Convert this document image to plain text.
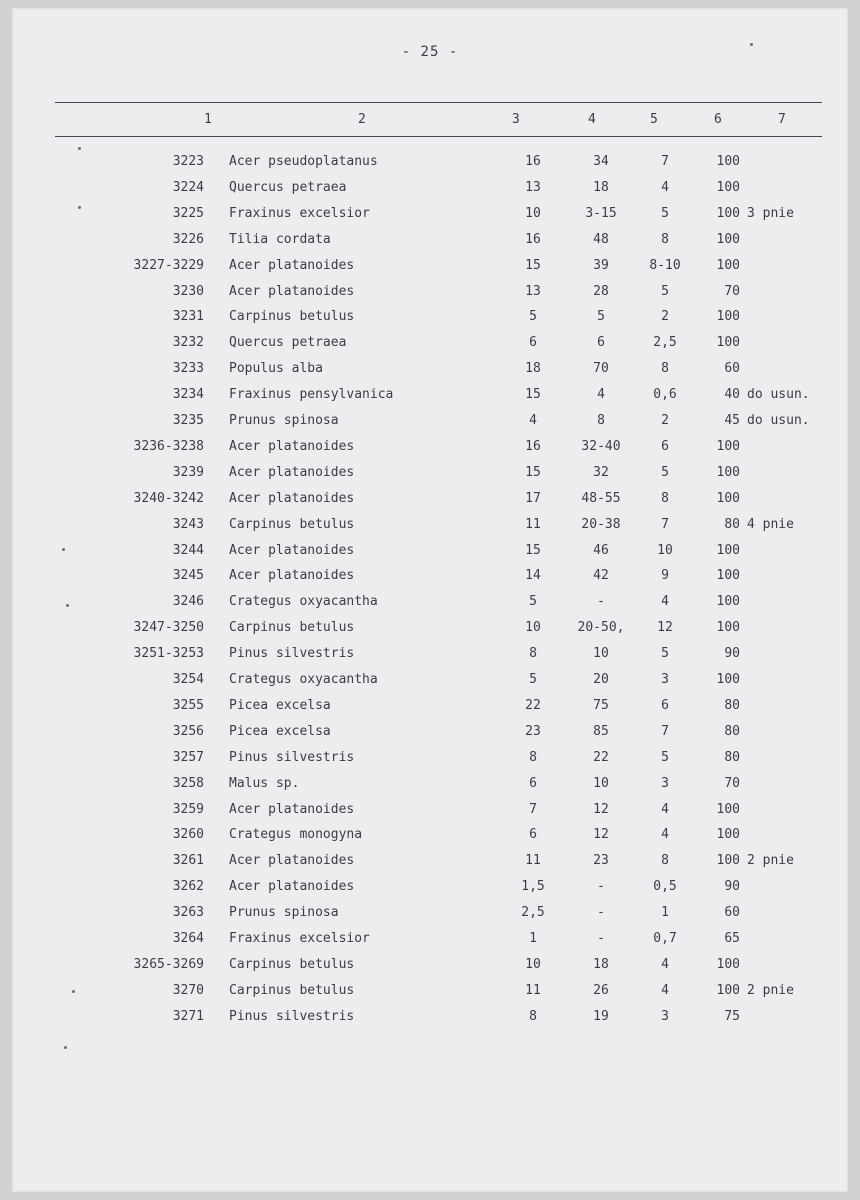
- 25 -
1	2	3	4	5	6	7
3223 Acer pseudoplatanus	16	34	7	100
3224 Quercus petraea	13	18	4	100
3225 Fraxinus excelsior	10	3-15	5	100 3 pnie
3226 Tilia cordata	16	48	8	100
3227-3229 Acer platanoides	15	39	8-10	100
3230 Acer platanoides	13	28	5	70
3231 Carpinus betulus	5	5	2	100
3232 Quercus petraea	6	6	2,5	100
3233 Populus alba	18	70	8	60
3234 Fraxinus pensylvanica	15	4	0,6	40 do usun.
3235 Prunus spinosa	4	8	2	45 do usun.
3236-3238 Acer platanoides	16	32-40	6	100
3239 Acer platanoides	15	32	5	100
3240-3242 Acer platanoides	17	48-55	8	100
3243 Carpinus betulus	11	20-38	7	80 4 pnie
3244 Acer platanoides	15	46	10	100
3245 Acer platanoides	14	42	9	100
3246 Crategus oxyacantha	5	-	4	100
3247-3250 Carpinus betulus	10	20-50,	12	100
3251-3253 Pinus silvestris	8	10	5	90
3254 Crategus oxyacantha	5	20	3	100
3255 Picea excelsa	22	75	6	80
3256 Picea excelsa	23	85	7	80
3257 Pinus silvestris	8	22	5	80
3258 Malus sp.	6	10	3	70
3259 Acer platanoides	7	12	4	100
3260 Crategus monogyna	6	12	4	100
3261 Acer platanoides	11	23	8	100 2 pnie
3262 Acer platanoides	1,5	-	0,5	90
3263 Prunus spinosa	2,5	-	1	60
3264 Fraxinus excelsior	1	-	0,7	65
3265-3269 Carpinus betulus	10	18	4	100
3270 Carpinus betulus	11	26	4	100 2 pnie
3271 Pinus silvestris	8	19	3	75
